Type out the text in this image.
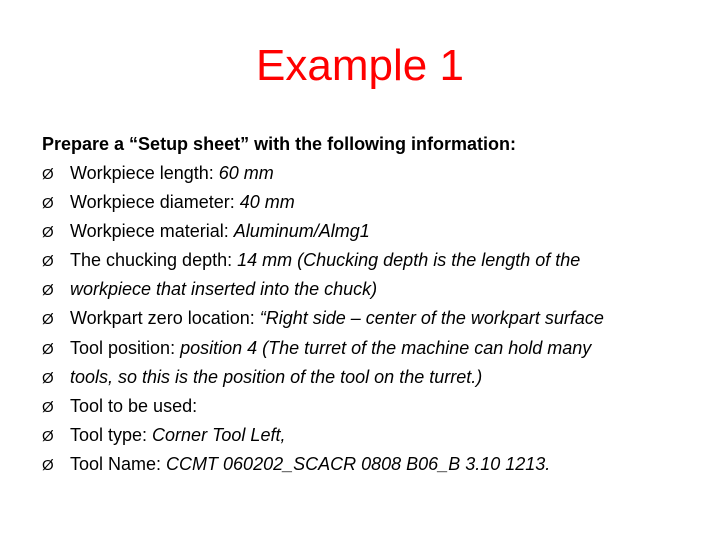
Example 1
Prepare a “Setup sheet” with the following information:
Ø Workpiece length: 60 mm
Ø Workpiece diameter: 40 mm
Ø Workpiece material: Aluminum/Almg1
Ø The chucking depth: 14 mm (Chucking depth is the length of the
Ø workpiece that inserted into the chuck)
Ø Workpart zero location: “Right side – center of the workpart surface
Ø Tool position: position 4 (The turret of the machine can hold many
Ø tools, so this is the position of the tool on the turret.)
Ø Tool to be used:
Ø Tool type: Corner Tool Left,
Ø Tool Name: CCMT 060202_SCACR 0808 B06_B 3.10 1213.
